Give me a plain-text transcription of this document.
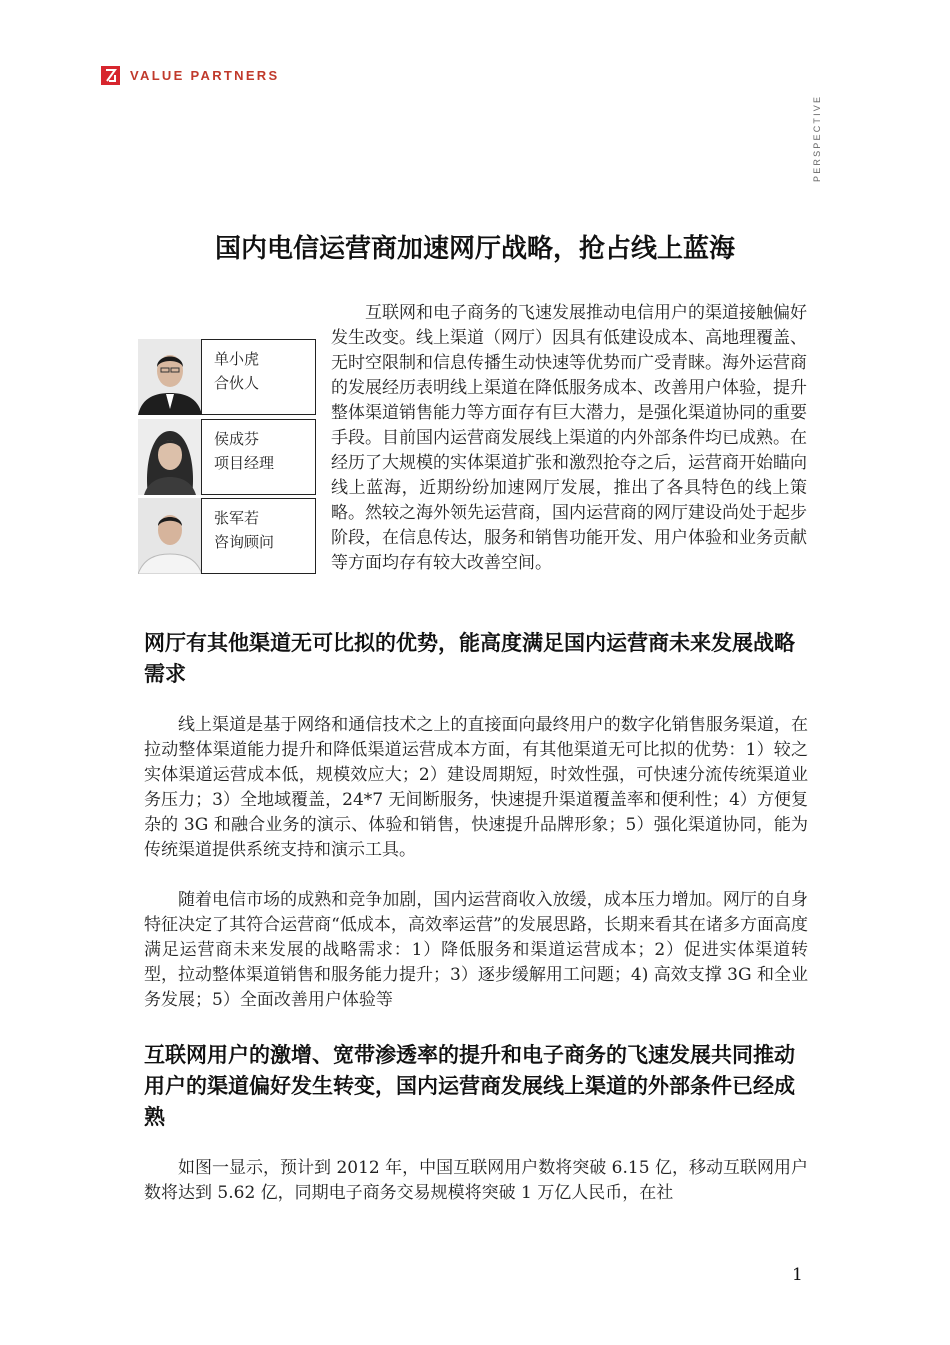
VALUE PARTNERS
PERSPECTIVE
国内电信运营商加速网厅战略，抢占线上蓝海
单小虎
合伙人
侯成芬
项目经理
张军若
咨询顾问

互联网和电子商务的飞速发展推动电信用户的渠道接触偏好发生改变。线上渠道（网厅）因具有低建设成本、高地理覆盖、无时空限制和信息传播生动快速等优势而广受青睐。海外运营商的发展经历表明线上渠道在降低服务成本、改善用户体验，提升整体渠道销售能力等方面存有巨大潜力，是强化渠道协同的重要手段。目前国内运营商发展线上渠道的内外部条件均已成熟。在经历了大规模的实体渠道扩张和激烈抢夺之后，运营商开始瞄向线上蓝海，近期纷纷加速网厅发展，推出了各具特色的线上策略。然较之海外领先运营商，国内运营商的网厅建设尚处于起步阶段，在信息传达，服务和销售功能开发、用户体验和业务贡献等方面均存有较大改善空间。

网厅有其他渠道无可比拟的优势，能高度满足国内运营商未来发展战略需求

线上渠道是基于网络和通信技术之上的直接面向最终用户的数字化销售服务渠道，在拉动整体渠道能力提升和降低渠道运营成本方面，有其他渠道无可比拟的优势：1）较之实体渠道运营成本低，规模效应大；2）建设周期短，时效性强，可快速分流传统渠道业务压力；3）全地域覆盖，24*7 无间断服务，快速提升渠道覆盖率和便利性；4）方便复杂的 3G 和融合业务的演示、体验和销售，快速提升品牌形象；5）强化渠道协同，能为传统渠道提供系统支持和演示工具。

随着电信市场的成熟和竞争加剧，国内运营商收入放缓，成本压力增加。网厅的自身特征决定了其符合运营商“低成本，高效率运营”的发展思路，长期来看其在诸多方面高度满足运营商未来发展的战略需求：1）降低服务和渠道运营成本；2）促进实体渠道转型，拉动整体渠道销售和服务能力提升；3）逐步缓解用工问题；4) 高效支撑 3G 和全业务发展；5）全面改善用户体验等

互联网用户的激增、宽带渗透率的提升和电子商务的飞速发展共同推动用户的渠道偏好发生转变，国内运营商发展线上渠道的外部条件已经成熟

如图一显示，预计到 2012 年，中国互联网用户数将突破 6.15 亿，移动互联网用户数将达到 5.62 亿，同期电子商务交易规模将突破 1 万亿人民币，在社

1
